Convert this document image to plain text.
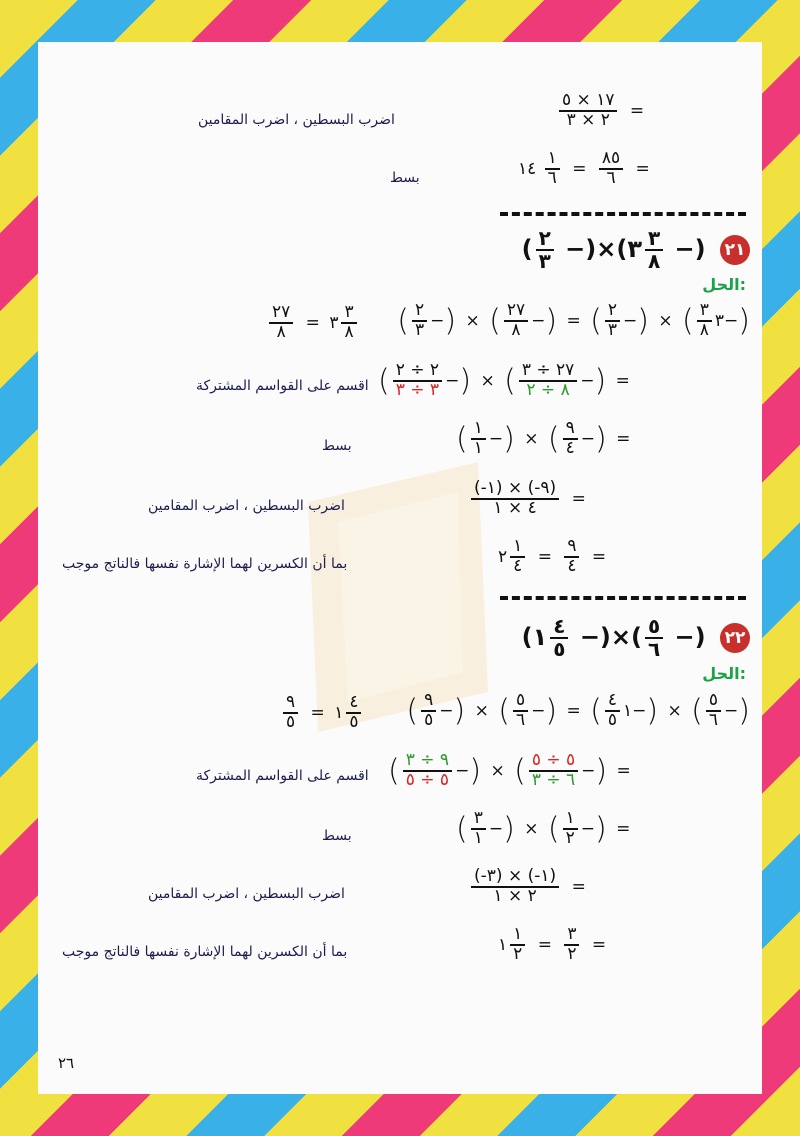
=
$\frac{١٧ \times ٥}{٢ \times ٣}$
اضرب البسطين ، اضرب المقامين
=
$\frac{٨٥}{٦}$
=
$\frac{١}{٦}$
١٤
بسط
٢١ (−
$\frac{٣}{٨}$
٣)×(−
$\frac{٢}{٣}$
)
الحل:
(−٣
$\frac{٣}{٨}$
) × (−
$\frac{٢}{٣}$
) = (−
$\frac{٢٧}{٨}$
) × (−
$\frac{٢}{٣}$
)
$\frac{٣}{٨}$
٣ =
$\frac{٢٧}{٨}$
= (−
$\frac{٢٧ \div ٣}{٨ \div ٢}$
) × (−
$\frac{٢ \div ٢}{٣ \div ٣}$
)
اقسم على القواسم المشتركة
= (−
$\frac{٩}{٤}$
) × (−
$\frac{١}{١}$
)
بسط
=
$\frac{(٩-) \times (١-)}{٤ \times ١}$
اضرب البسطين ، اضرب المقامين
=
$\frac{٩}{٤}$
=
$\frac{١}{٤}$
٢
بما أن الكسرين لهما الإشارة نفسها فالناتج موجب
٢٢ (−
$\frac{٥}{٦}$
)×(−
$\frac{٤}{٥}$
١)
الحل:
(−
$\frac{٥}{٦}$
) × (−١
$\frac{٤}{٥}$
) = (−
$\frac{٥}{٦}$
) × (−
$\frac{٩}{٥}$
)
$\frac{٤}{٥}$
١ =
$\frac{٩}{٥}$
= (−
$\frac{٥ \div ٥}{٦ \div ٣}$
) × (−
$\frac{٩ \div ٣}{٥ \div ٥}$
)
اقسم على القواسم المشتركة
= (−
$\frac{١}{٢}$
) × (−
$\frac{٣}{١}$
)
بسط
=
$\frac{(١-) \times (٣-)}{٢ \times ١}$
اضرب البسطين ، اضرب المقامين
=
$\frac{٣}{٢}$
=
$\frac{١}{٢}$
١
بما أن الكسرين لهما الإشارة نفسها فالناتج موجب
٢٦
